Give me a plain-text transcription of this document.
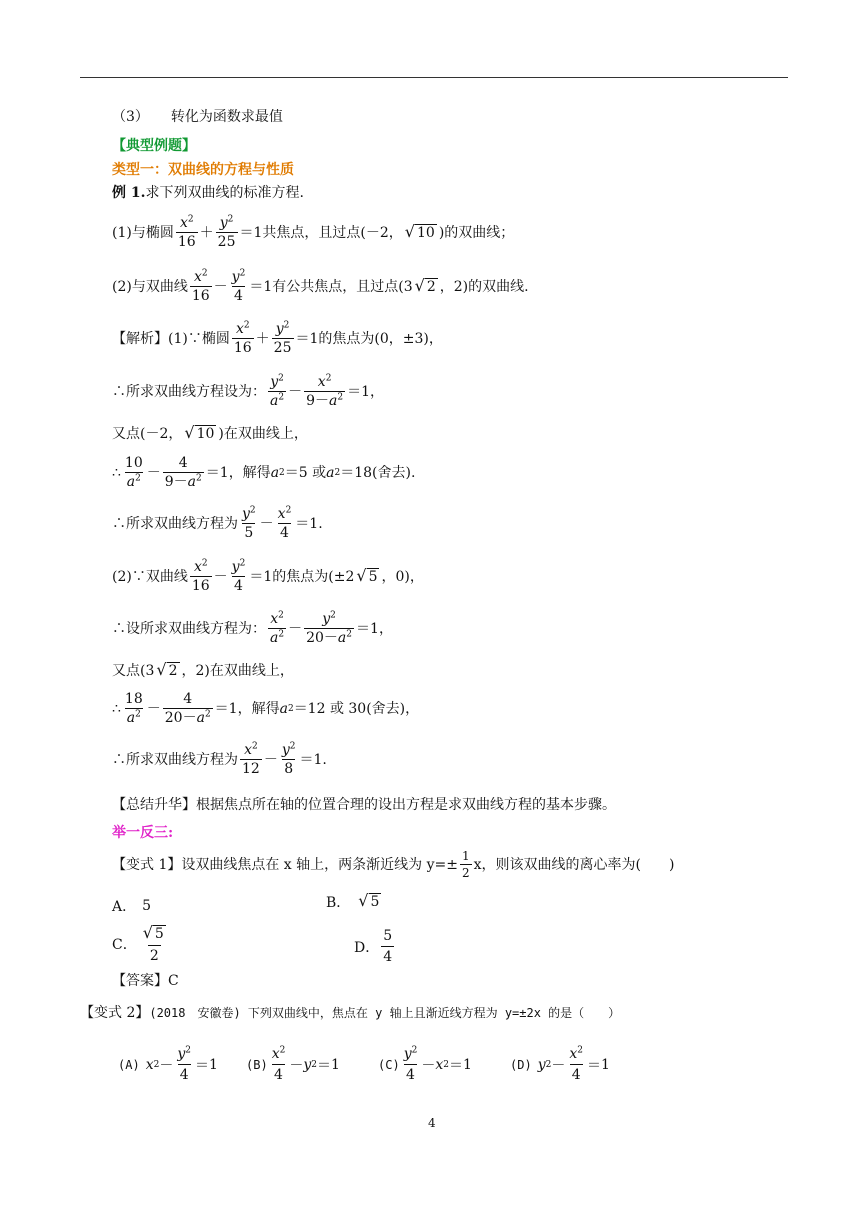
（3） 转化为函数求最值
【典型例题】
类型一：双曲线的方程与性质
例 1. 求下列双曲线的标准方程.
(1)与椭圆 $\frac{x^2}{16} + \frac{y^2}{25} = 1$ 共焦点，且过点(－2， √ 10 )的双曲线；
(2)与双曲线 $\frac{x^2}{16} - \frac{y^2}{4} = 1$ 有公共焦点，且过点(3 √ 2 ，2)的双曲线.
【解析】(1)∵椭圆 $\frac{x^2}{16} + \frac{y^2}{25} = 1$ 的焦点为(0，±3)，
∴所求双曲线方程设为： $\frac{y^2}{a^2} - \frac{x^2}{9-a^2} = 1$ ，
又点(－2， √ 10 )在双曲线上，
∴ $\frac{10}{a^2} - \frac{4}{9-a^2} = 1$ ，解得 a 2 ＝5 或 a 2 ＝18(舍去).
∴所求双曲线方程为 $\frac{y^2}{5} - \frac{x^2}{4} = 1$ .
(2)∵双曲线 $\frac{x^2}{16} - \frac{y^2}{4} = 1$ 的焦点为(±2 √ 5 ，0)，
∴设所求双曲线方程为： $\frac{x^2}{a^2} - \frac{y^2}{20-a^2} = 1$ ，
又点(3 √ 2 ，2)在双曲线上，
∴ $\frac{18}{a^2} - \frac{4}{20-a^2} = 1$ ，解得 a 2 ＝12 或 30(舍去)，
∴所求双曲线方程为 $\frac{x^2}{12} - \frac{y^2}{8} = 1$ .
【总结升华】 根据焦点所在轴的位置合理的设出方程是求双曲线方程的基本步骤。
举一反三:
【变式 1】 设双曲线焦点在 x 轴上，两条渐近线为 $y=\pm \frac{1}{2}$ x，则该双曲线的离心率为(　　)
A． 5	B． √ 5
C． $\frac{√ 5}{2}$	D． $\frac{5}{4}$
【答案】C
【变式 2】 (2018　安徽卷) 下列双曲线中，焦点在 y 轴上且渐近线方程为 y=±2x 的是（　　）
(A) x $2 - \frac{y^2}{4} = 1$ $(B) \frac{x^2}{4} - y$ 2 ＝ 1	$(C) \frac{y^2}{4} - x$ 2 ＝ 1	(D) y $2 - \frac{x^2}{4} = 1$
4
